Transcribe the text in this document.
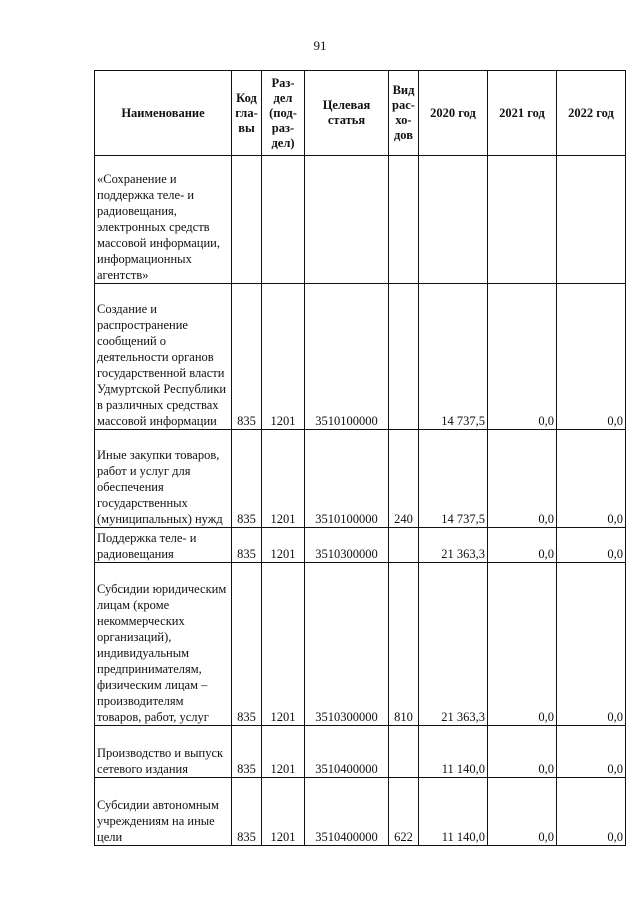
91
Наименование	Код гла- вы	Раз- дел (под- раз- дел)	Целевая статья	Вид рас- хо- дов	2020 год	2021 год	2022 год

«Сохранение и поддержка теле- и радиовещания, электронных средств массовой информации, информационных агентств»							

Создание и распространение сообщений о деятельности органов государственной власти Удмуртской Республики в различных средствах массовой информации	835	1201	3510100000		14 737,5	0,0	0,0

Иные закупки товаров, работ и услуг для обеспечения государственных (муниципальных) нужд	835	1201	3510100000	240	14 737,5	0,0	0,0

Поддержка теле- и радиовещания	835	1201	3510300000		21 363,3	0,0	0,0

Субсидии юридическим лицам (кроме некоммерческих организаций), индивидуальным предпринимателям, физическим лицам – производителям товаров, работ, услуг	835	1201	3510300000	810	21 363,3	0,0	0,0

Производство и выпуск сетевого издания	835	1201	3510400000		11 140,0	0,0	0,0

Субсидии автономным учреждениям на иные цели	835	1201	3510400000	622	11 140,0	0,0	0,0
